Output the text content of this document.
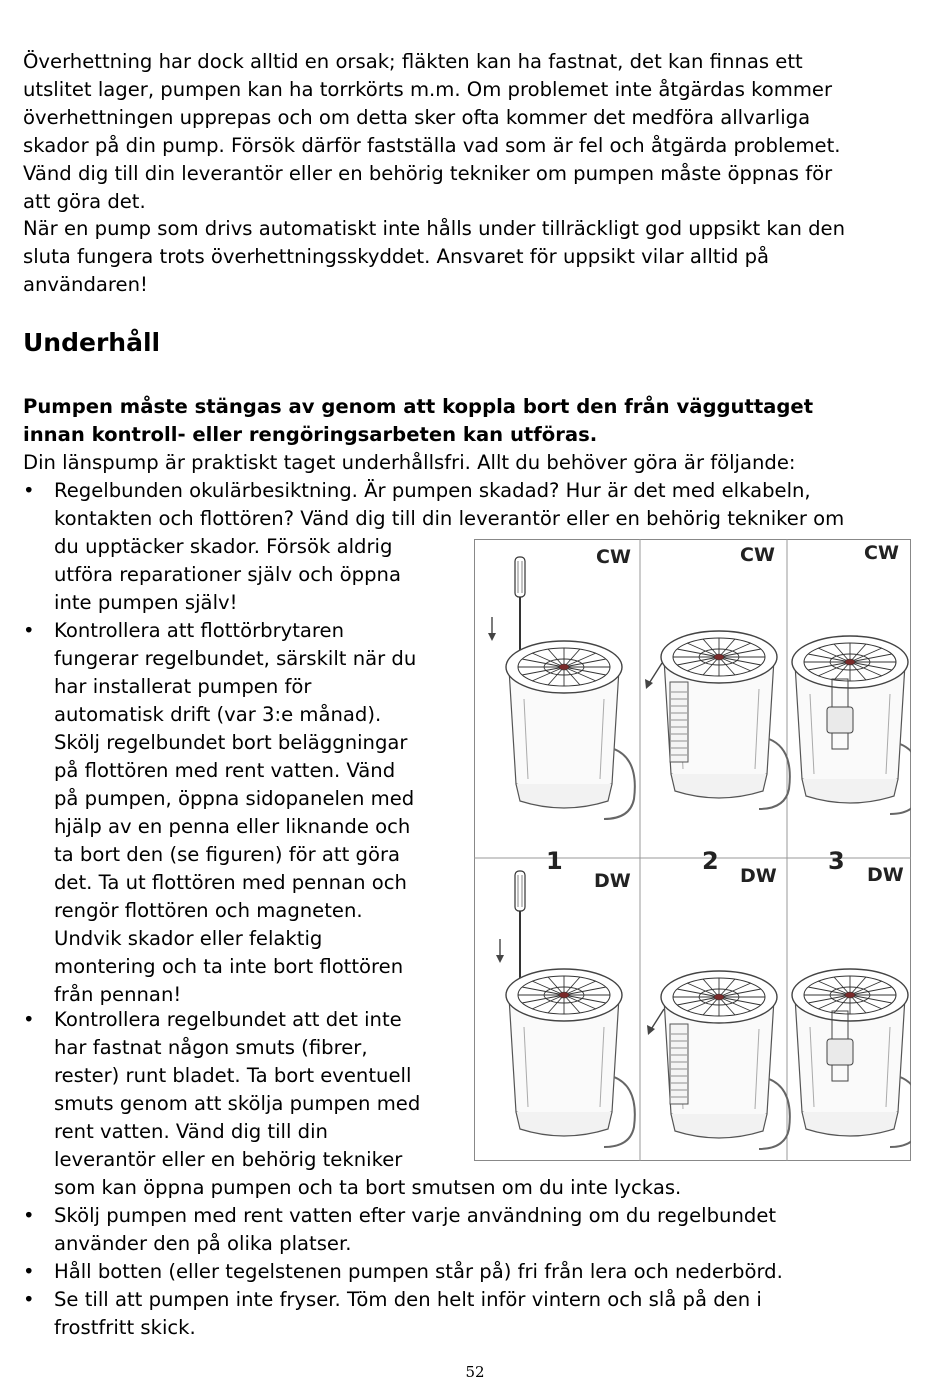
Överhettning har dock alltid en orsak; fläkten kan ha fastnat, det kan finnas ett
utslitet lager, pumpen kan ha torrkörts m.m. Om problemet inte åtgärdas kommer
överhettningen upprepas och om detta sker ofta kommer det medföra allvarliga
skador på din pump. Försök därför fastställa vad som är fel och åtgärda problemet.
Vänd dig till din leverantör eller en behörig tekniker om pumpen måste öppnas för
att göra det.
När en pump som drivs automatiskt inte hålls under tillräckligt god uppsikt kan den
sluta fungera trots överhettningsskyddet. Ansvaret för uppsikt vilar alltid på
användaren!
Underhåll
Pumpen måste stängas av genom att koppla bort den från vägguttaget
innan kontroll- eller rengöringsarbeten kan utföras.
Din länspump är praktiskt taget underhållsfri. Allt du behöver göra är följande:
• Regelbunden okulärbesiktning. Är pumpen skadad? Hur är det med elkabeln,
kontakten och flottören? Vänd dig till din leverantör eller en behörig tekniker om
du upptäcker skador. Försök aldrig
utföra reparationer själv och öppna
inte pumpen själv!
• Kontrollera att flottörbrytaren
fungerar regelbundet, särskilt när du
har installerat pumpen för
automatisk drift (var 3:e månad).
Skölj regelbundet bort beläggningar
på flottören med rent vatten. Vänd
på pumpen, öppna sidopanelen med
hjälp av en penna eller liknande och
ta bort den (se figuren) för att göra
det. Ta ut flottören med pennan och
rengör flottören och magneten.
Undvik skador eller felaktig
montering och ta inte bort flottören
från pennan!
• Kontrollera regelbundet att det inte
har fastnat någon smuts (fibrer,
rester) runt bladet. Ta bort eventuell
smuts genom att skölja pumpen med
rent vatten. Vänd dig till din
leverantör eller en behörig tekniker
som kan öppna pumpen och ta bort smutsen om du inte lyckas.
• Skölj pumpen med rent vatten efter varje användning om du regelbundet
använder den på olika platser.
• Håll botten (eller tegelstenen pumpen står på) fri från lera och nederbörd.
• Se till att pumpen inte fryser. Töm den helt inför vintern och slå på den i
frostfritt skick.
CW	CW	CW
1	2	3
DW	DW	DW
52
